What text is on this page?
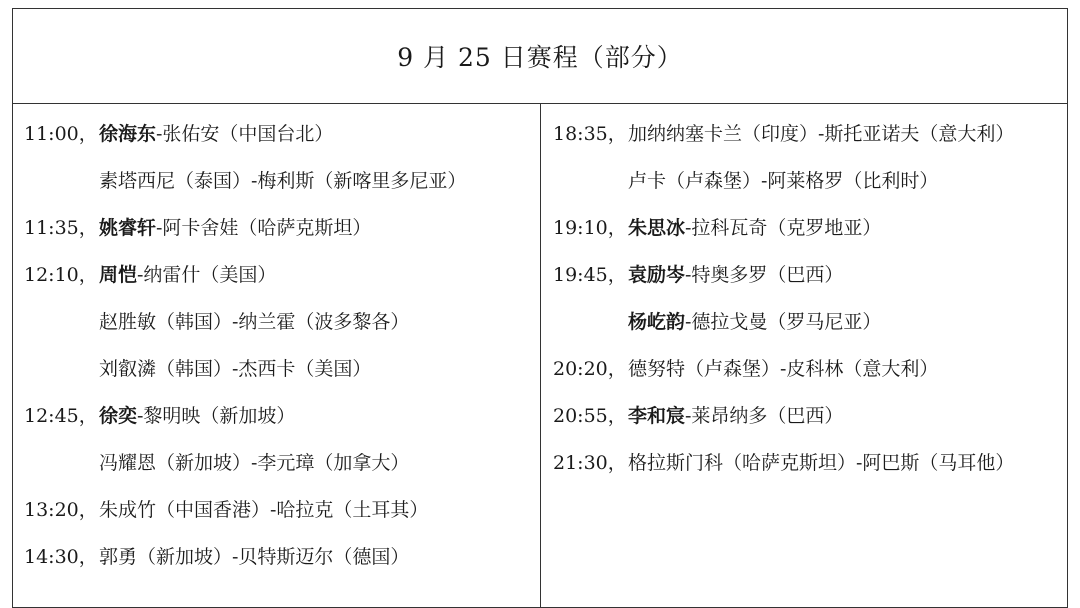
9 月 25 日赛程（部分）
11:00， 徐海东-张佑安（中国台北）
素塔西尼（泰国）-梅利斯（新喀里多尼亚）
11:35， 姚睿轩-阿卡舍娃（哈萨克斯坦）
12:10， 周恺-纳雷什（美国）
赵胜敏（韩国）-纳兰霍（波多黎各）
刘叡潾（韩国）-杰西卡（美国）
12:45， 徐奕-黎明映（新加坡）
冯耀恩（新加坡）-李元璋（加拿大）
13:20， 朱成竹（中国香港）-哈拉克（土耳其）
14:30， 郭勇（新加坡）-贝特斯迈尔（德国）
18:35， 加纳纳塞卡兰（印度）-斯托亚诺夫（意大利）
卢卡（卢森堡）-阿莱格罗（比利时）
19:10， 朱思冰-拉科瓦奇（克罗地亚）
19:45， 袁励岑-特奥多罗（巴西）
杨屹韵-德拉戈曼（罗马尼亚）
20:20， 德努特（卢森堡）-皮科林（意大利）
20:55， 李和宸-莱昂纳多（巴西）
21:30， 格拉斯门科（哈萨克斯坦）-阿巴斯（马耳他）
